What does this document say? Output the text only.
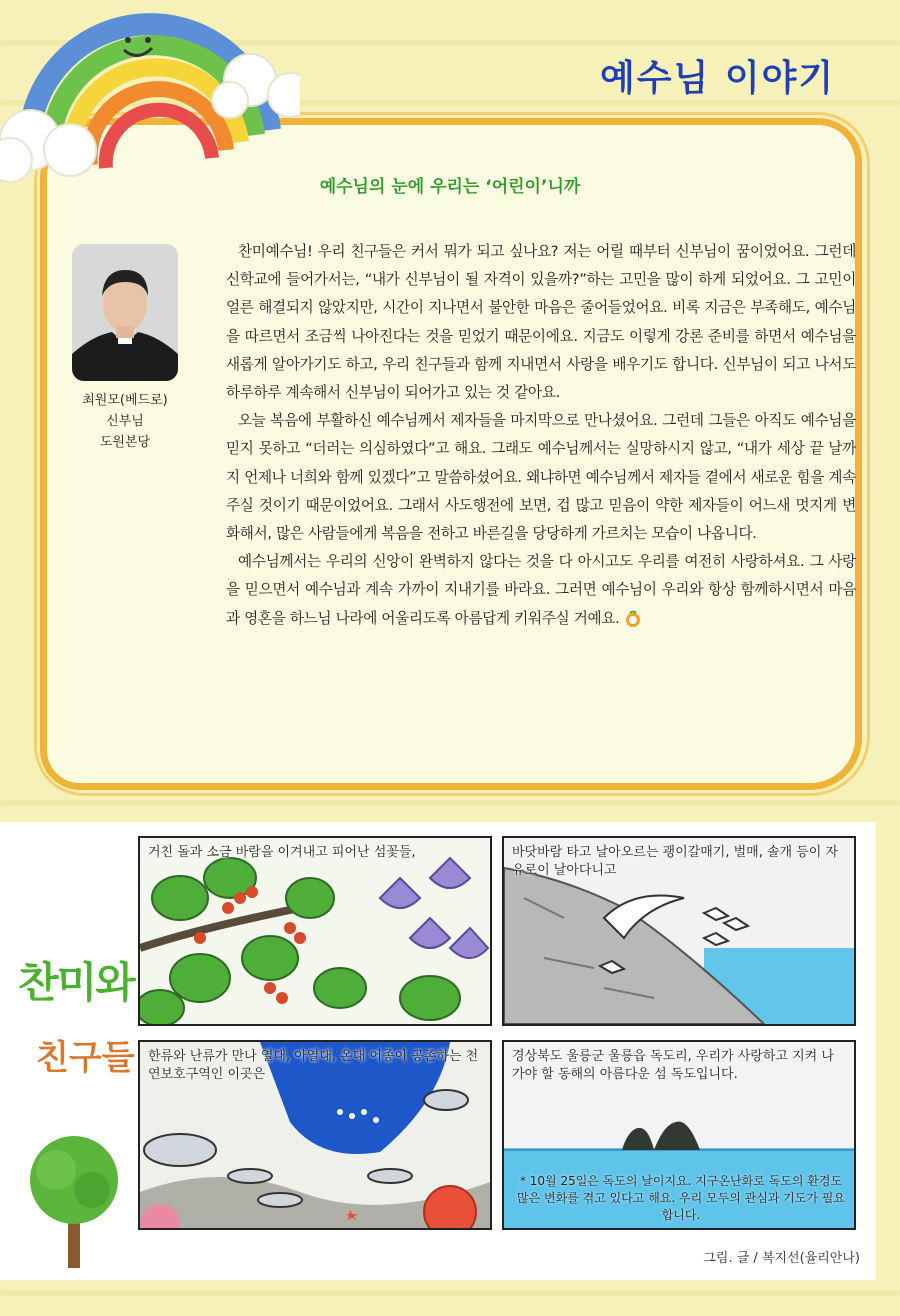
예수님 이야기
예수님의 눈에 우리는 ‘어린이’니까
최원모(베드로)
신부님
도원본당

찬미예수님! 우리 친구들은 커서 뭐가 되고 싶나요? 저는 어릴 때부터 신부님이 꿈이었어요. 그런데 신학교에 들어가서는, “내가 신부님이 될 자격이 있을까?”하는 고민을 많이 하게 되었어요. 그 고민이 얼른 해결되지 않았지만, 시간이 지나면서 불안한 마음은 줄어들었어요. 비록 지금은 부족해도, 예수님을 따르면서 조금씩 나아진다는 것을 믿었기 때문이에요. 지금도 이렇게 강론 준비를 하면서 예수님을 새롭게 알아가기도 하고, 우리 친구들과 함께 지내면서 사랑을 배우기도 합니다. 신부님이 되고 나서도 하루하루 계속해서 신부님이 되어가고 있는 것 같아요.

오늘 복음에 부활하신 예수님께서 제자들을 마지막으로 만나셨어요. 그런데 그들은 아직도 예수님을 믿지 못하고 “더러는 의심하였다”고 해요. 그래도 예수님께서는 실망하시지 않고, “내가 세상 끝 날까지 언제나 너희와 함께 있겠다”고 말씀하셨어요. 왜냐하면 예수님께서 제자들 곁에서 새로운 힘을 계속 주실 것이기 때문이었어요. 그래서 사도행전에 보면, 겁 많고 믿음이 약한 제자들이 어느새 멋지게 변화해서, 많은 사람들에게 복음을 전하고 바른길을 당당하게 가르치는 모습이 나옵니다.

예수님께서는 우리의 신앙이 완벽하지 않다는 것을 다 아시고도 우리를 여전히 사랑하셔요. 그 사랑을 믿으면서 예수님과 계속 가까이 지내기를 바라요. 그러면 예수님이 우리와 항상 함께하시면서 마음과 영혼을 하느님 나라에 어울리도록 아름답게 키워주실 거예요.

찬미와
친구들
거친 돌과 소금 바람을 이겨내고 피어난 섬꽃들,	바닷바람 타고 날아오르는 괭이갈매기, 벌매, 솔개 등이 자유로이 날아다니고
한류와 난류가 만나 열대, 아열대, 온대 어종이 공존하는 천연보호구역인 이곳은
경상북도 울릉군 울릉읍 독도리, 우리가 사랑하고 지켜 나가야 할 동해의 아름다운 섬 독도입니다.
* 10월 25일은 독도의 날이지요. 지구온난화로 독도의 환경도 많은 변화를 겪고 있다고 해요. 우리 모두의 관심과 기도가 필요합니다.
그림. 글 / 복지선(율리안나)
